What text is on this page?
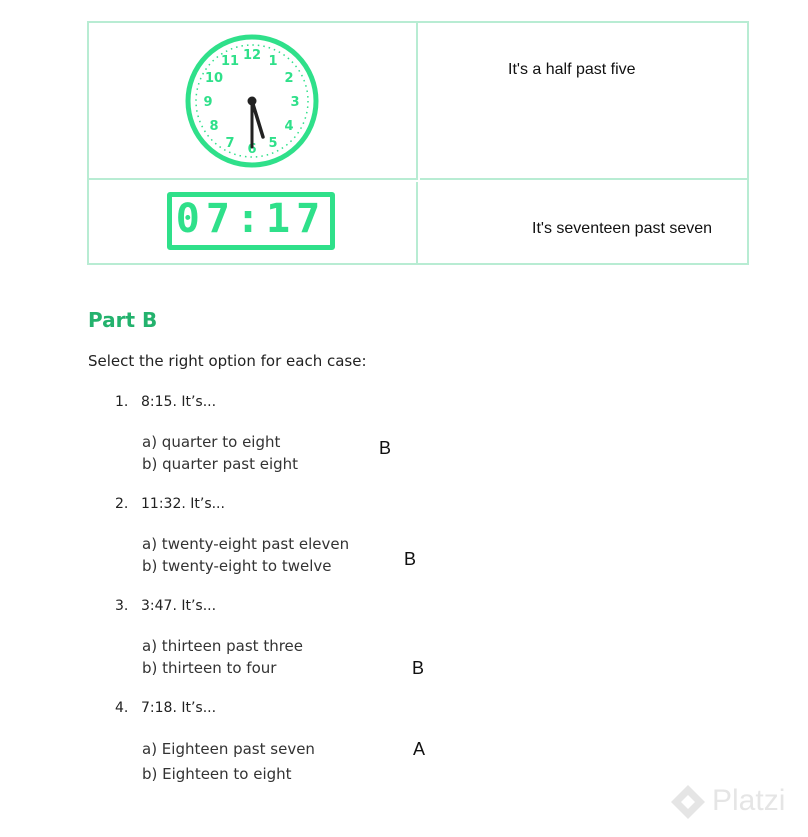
12 1
2
3
4
5
6
7
8
9
10
11	It's a half past five
07:17	It's seventeen past seven
Part B
Select the right option for each case:
1. 8:15. It’s...
a) quarter to eight
b) quarter past eight
B
2. 11:32. It’s...
a) twenty-eight past eleven
b) twenty-eight to twelve	B
3. 3:47. It’s...
a) thirteen past three
b) thirteen to four	B
4. 7:18. It’s...
a) Eighteen past seven
b) Eighteen to eight
A
Platzi
